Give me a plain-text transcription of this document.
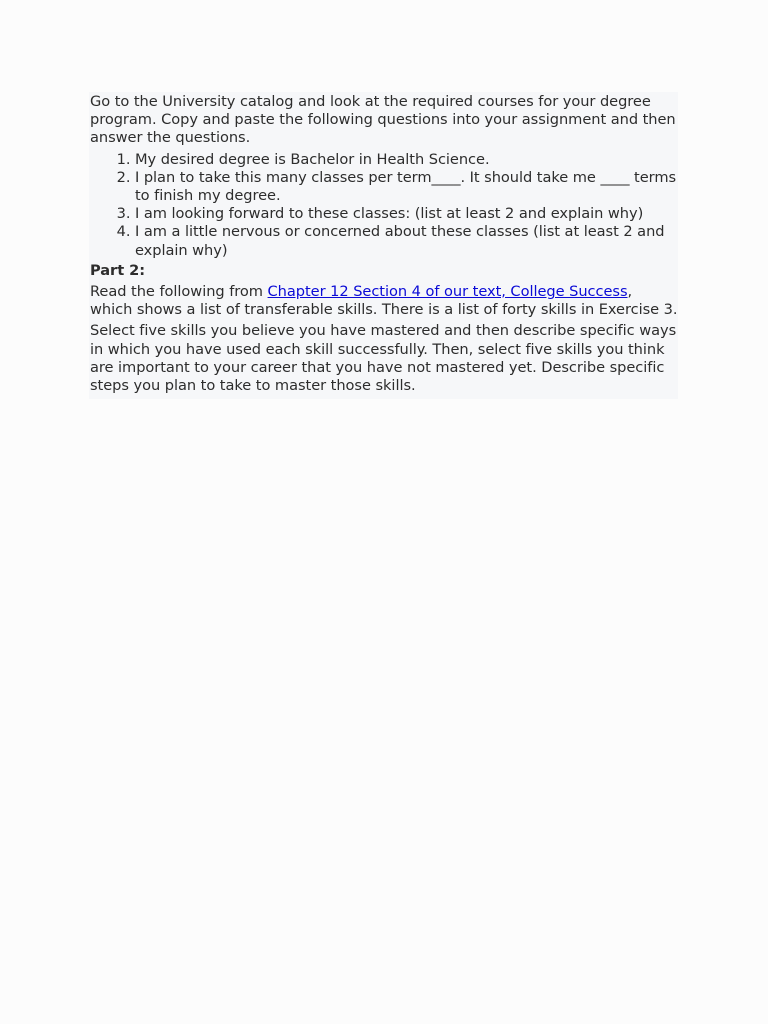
Go to the University catalog and look at the required courses for your degree program. Copy and paste the following questions into your assignment and then answer the questions.

1. My desired degree is Bachelor in Health Science.
2. I plan to take this many classes per term____. It should take me ____ terms to finish my degree.
3. I am looking forward to these classes: (list at least 2 and explain why)
4. I am a little nervous or concerned about these classes (list at least 2 and explain why)

Part 2:

Read the following from Chapter 12 Section 4 of our text, College Success, which shows a list of transferable skills. There is a list of forty skills in Exercise 3.

Select five skills you believe you have mastered and then describe specific ways in which you have used each skill successfully. Then, select five skills you think are important to your career that you have not mastered yet. Describe specific steps you plan to take to master those skills.
